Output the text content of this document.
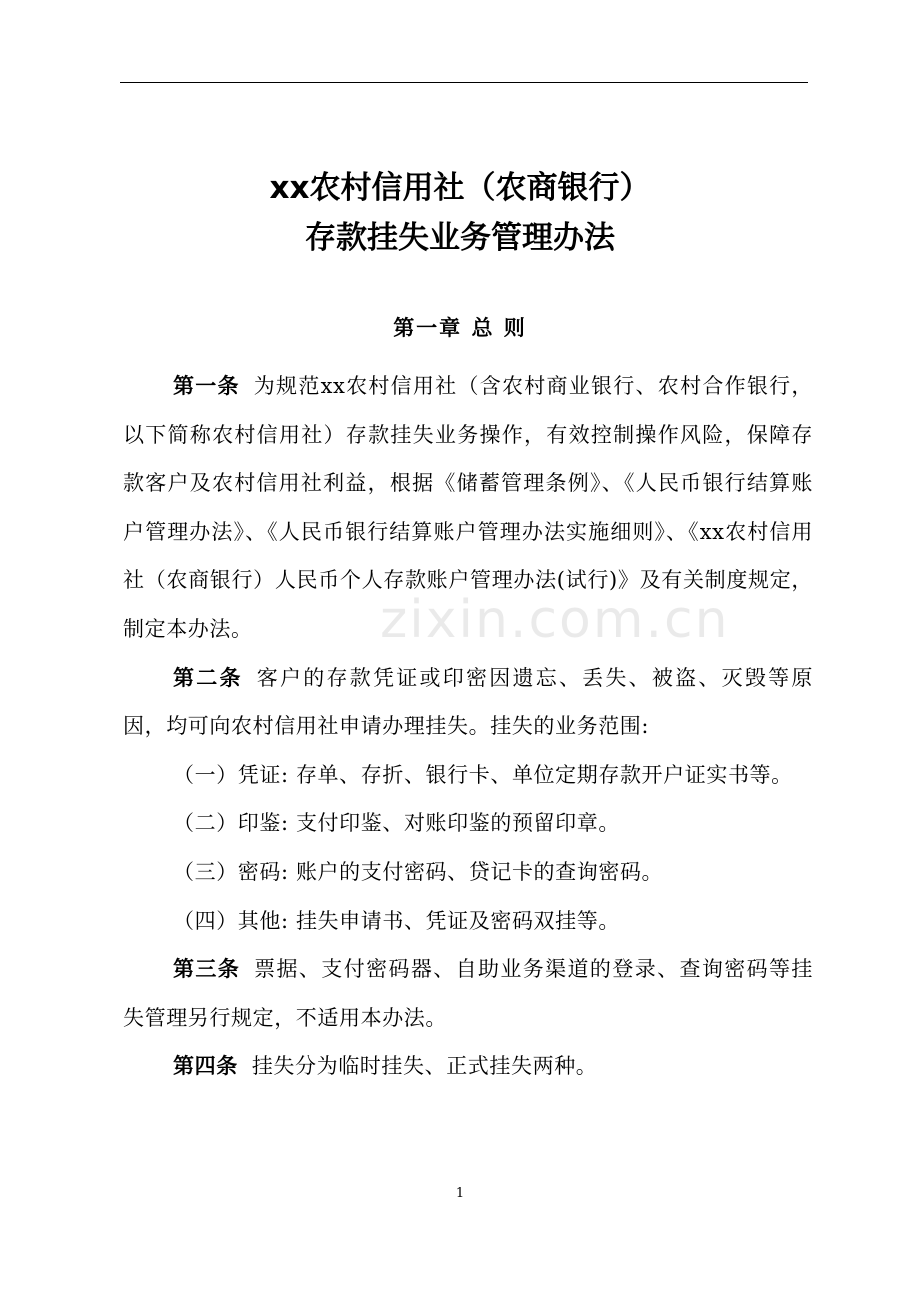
xx农村信用社（农商银行）
存款挂失业务管理办法
第一章 总 则

第一条 为规范xx农村信用社（含农村商业银行、农村合作银行，以下简称农村信用社）存款挂失业务操作，有效控制操作风险，保障存款客户及农村信用社利益，根据《储蓄管理条例》、《人民币银行结算账户管理办法》、《人民币银行结算账户管理办法实施细则》、《xx农村信用社（农商银行）人民币个人存款账户管理办法(试行)》及有关制度规定，制定本办法。

第二条 客户的存款凭证或印密因遗忘、丢失、被盗、灭毁等原因，均可向农村信用社申请办理挂失。挂失的业务范围:

（一）凭证: 存单、存折、银行卡、单位定期存款开户证实书等。

（二）印鉴: 支付印鉴、对账印鉴的预留印章。

（三）密码: 账户的支付密码、贷记卡的查询密码。

（四）其他: 挂失申请书、凭证及密码双挂等。

第三条 票据、支付密码器、自助业务渠道的登录、查询密码等挂失管理另行规定，不适用本办法。

第四条 挂失分为临时挂失、正式挂失两种。

zixin.com.cn
1
